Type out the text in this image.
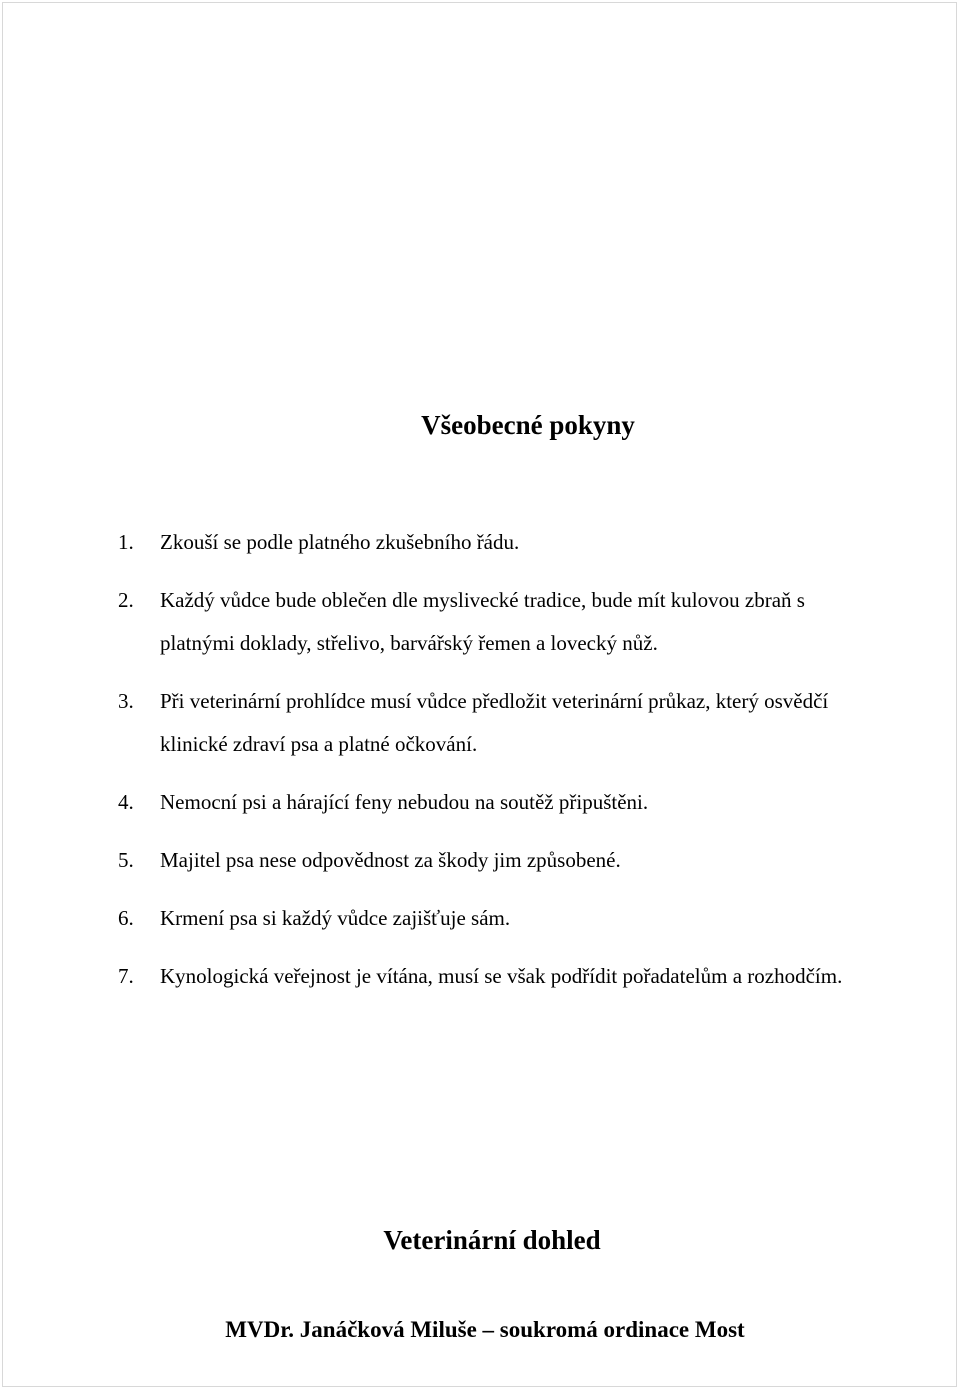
Všeobecné pokyny
1. Zkouší se podle platného zkušebního řádu.
2. Každý vůdce bude oblečen dle myslivecké tradice, bude mít kulovou zbraň s platnými doklady, střelivo, barvářský řemen a lovecký nůž.
3. Při veterinární prohlídce musí vůdce předložit veterinární průkaz, který osvědčí klinické zdraví psa a platné očkování.
4. Nemocní psi a hárající feny nebudou na soutěž připuštěni.
5. Majitel psa nese odpovědnost za škody jim způsobené.
6. Krmení psa si každý vůdce zajišťuje sám.
7. Kynologická veřejnost je vítána, musí se však podřídit pořadatelům a rozhodčím.
Veterinární dohled
MVDr. Janáčková Miluše – soukromá ordinace Most
